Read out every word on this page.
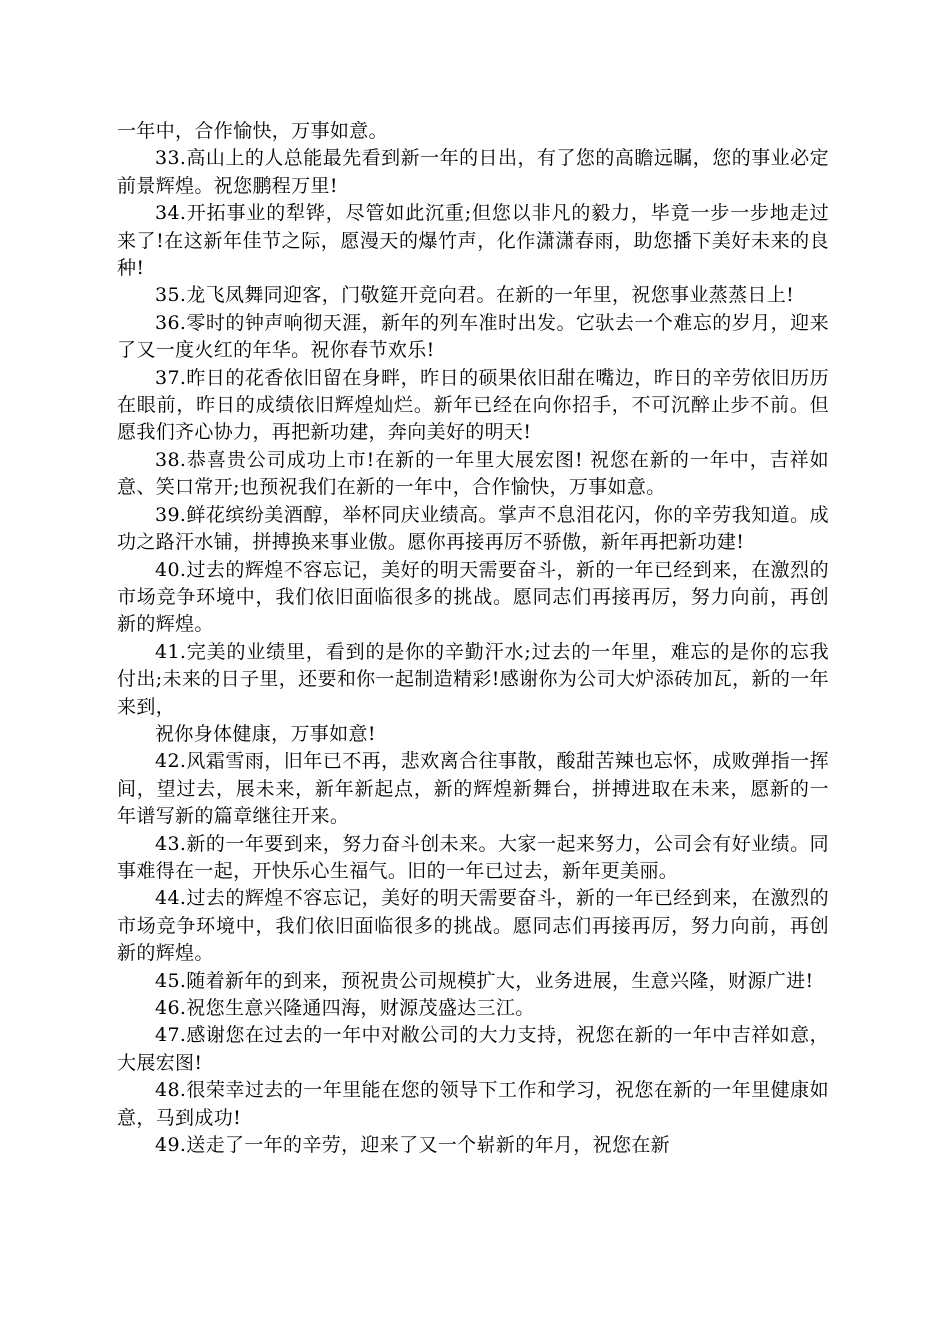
一年中，合作愉快，万事如意。

33.高山上的人总能最先看到新一年的日出，有了您的高瞻远瞩，您的事业必定前景辉煌。祝您鹏程万里!

34.开拓事业的犁铧，尽管如此沉重;但您以非凡的毅力，毕竟一步一步地走过来了!在这新年佳节之际，愿漫天的爆竹声，化作潇潇春雨，助您播下美好未来的良种!

35.龙飞凤舞同迎客，门敬筵开竞向君。在新的一年里，祝您事业蒸蒸日上!

36.零时的钟声响彻天涯，新年的列车准时出发。它驮去一个难忘的岁月，迎来了又一度火红的年华。祝你春节欢乐!

37.昨日的花香依旧留在身畔，昨日的硕果依旧甜在嘴边，昨日的辛劳依旧历历在眼前，昨日的成绩依旧辉煌灿烂。新年已经在向你招手，不可沉醉止步不前。但愿我们齐心协力，再把新功建，奔向美好的明天!

38.恭喜贵公司成功上市!在新的一年里大展宏图! 祝您在新的一年中，吉祥如意、笑口常开;也预祝我们在新的一年中，合作愉快，万事如意。

39.鲜花缤纷美酒醇，举杯同庆业绩高。掌声不息泪花闪，你的辛劳我知道。成功之路汗水铺，拼搏换来事业傲。愿你再接再厉不骄傲，新年再把新功建!

40.过去的辉煌不容忘记，美好的明天需要奋斗，新的一年已经到来，在激烈的市场竞争环境中，我们依旧面临很多的挑战。愿同志们再接再厉，努力向前，再创新的辉煌。

41.完美的业绩里，看到的是你的辛勤汗水;过去的一年里，难忘的是你的忘我付出;未来的日子里，还要和你一起制造精彩!感谢你为公司大炉添砖加瓦，新的一年来到，

祝你身体健康，万事如意!

42.风霜雪雨，旧年已不再，悲欢离合往事散，酸甜苦辣也忘怀，成败弹指一挥间，望过去，展未来，新年新起点，新的辉煌新舞台，拼搏进取在未来，愿新的一年谱写新的篇章继往开来。

43.新的一年要到来，努力奋斗创未来。大家一起来努力，公司会有好业绩。同事难得在一起，开快乐心生福气。旧的一年已过去，新年更美丽。

44.过去的辉煌不容忘记，美好的明天需要奋斗，新的一年已经到来，在激烈的市场竞争环境中，我们依旧面临很多的挑战。愿同志们再接再厉，努力向前，再创新的辉煌。

45.随着新年的到来，预祝贵公司规模扩大，业务进展，生意兴隆，财源广进!

46.祝您生意兴隆通四海，财源茂盛达三江。

47.感谢您在过去的一年中对敝公司的大力支持，祝您在新的一年中吉祥如意，大展宏图!

48.很荣幸过去的一年里能在您的领导下工作和学习，祝您在新的一年里健康如意，马到成功!

49.送走了一年的辛劳，迎来了又一个崭新的年月，祝您在新
